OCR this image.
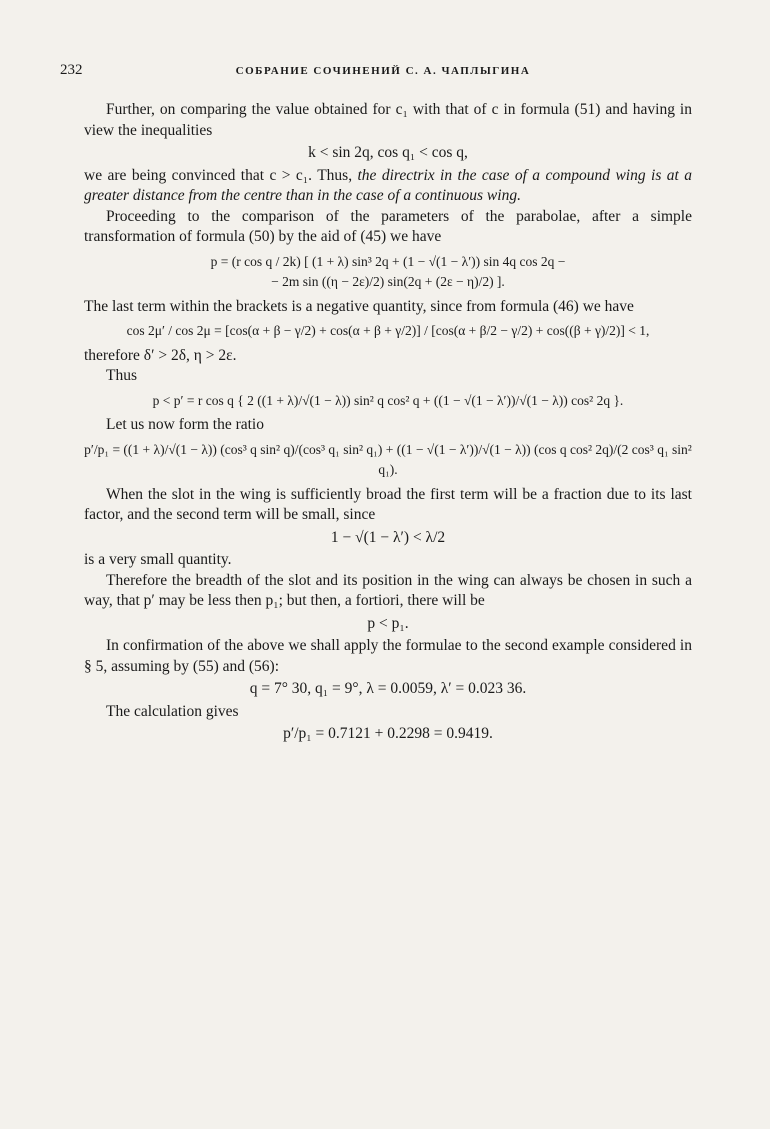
232	СОБРАНИЕ СОЧИНЕНИЙ С. А. ЧАПЛЫГИНА

Further, on comparing the value obtained for c₁ with that of c in formula (51) and having in view the inequalities

k < sin 2q, cos q₁ < cos q,

we are being convinced that c > c₁. Thus, the directrix in the case of a compound wing is at a greater distance from the centre than in the case of a continuous wing.

Proceeding to the comparison of the parameters of the parabolae, after a simple transformation of formula (50) by the aid of (45) we have

p = (r cos q / 2k) [ (1 + λ) sin³ 2q + (1 − √(1 − λ′)) sin 4q cos 2q −
− 2m sin ((η − 2ε)/2) sin(2q + (2ε − η)/2) ].

The last term within the brackets is a negative quantity, since from formula (46) we have

cos 2μ′ / cos 2μ = [cos(α + β − γ/2) + cos(α + β + γ/2)] / [cos(α + β/2 − γ/2) + cos((β + γ)/2)] < 1,

therefore δ′ > 2δ, η > 2ε.

Thus

p < p′ = r cos q { 2 ((1 + λ)/√(1 − λ)) sin² q cos² q + ((1 − √(1 − λ′))/√(1 − λ)) cos² 2q }.

Let us now form the ratio

p′/p₁ = ((1 + λ)/√(1 − λ)) (cos³ q sin² q)/(cos³ q₁ sin² q₁) + ((1 − √(1 − λ′))/√(1 − λ)) (cos q cos² 2q)/(2 cos³ q₁ sin² q₁).

When the slot in the wing is sufficiently broad the first term will be a fraction due to its last factor, and the second term will be small, since

1 − √(1 − λ′) < λ/2

is a very small quantity.

Therefore the breadth of the slot and its position in the wing can always be chosen in such a way, that p′ may be less then p₁; but then, a fortiori, there will be

p < p₁.

In confirmation of the above we shall apply the formulae to the second example considered in § 5, assuming by (55) and (56):

q = 7° 30, q₁ = 9°, λ = 0.0059, λ′ = 0.023 36.

The calculation gives

p′/p₁ = 0.7121 + 0.2298 = 0.9419.
